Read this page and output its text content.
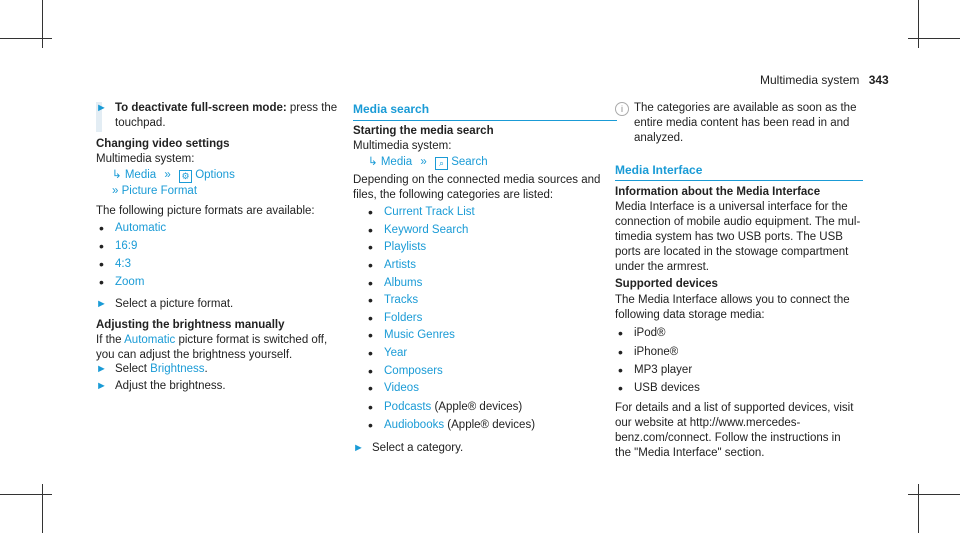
Multimedia system 343
► To deactivate full-screen mode: press the
touchpad.
Changing video settings
Multimedia system:
↳ Media » ⚙ Options
» Picture Format
The following picture formats are available:
• Automatic
• 16:9
• 4:3
• Zoom
► Select a picture format.
Adjusting the brightness manually
If the Automatic picture format is switched off,
you can adjust the brightness yourself.
► Select Brightness.
► Adjust the brightness.
Media search
Starting the media search
Multimedia system:
↳ Media » ⌕ Search
Depending on the connected media sources and
files, the following categories are listed:
• Current Track List
• Keyword Search
• Playlists
• Artists
• Albums
• Tracks
• Folders
• Music Genres
• Year
• Composers
• Videos
• Podcasts (Apple® devices)
• Audiobooks (Apple® devices)
► Select a category.
i The categories are available as soon as the
entire media content has been read in and
analyzed.
Media Interface
Information about the Media Interface
Media Interface is a universal interface for the
connection of mobile audio equipment. The mul-
timedia system has two USB ports. The USB
ports are located in the stowage compartment
under the armrest.
Supported devices
The Media Interface allows you to connect the
following data storage media:
• iPod®
• iPhone®
• MP3 player
• USB devices
For details and a list of supported devices, visit
our website at http://www.mercedes-
benz.com/connect. Follow the instructions in
the "Media Interface" section.
